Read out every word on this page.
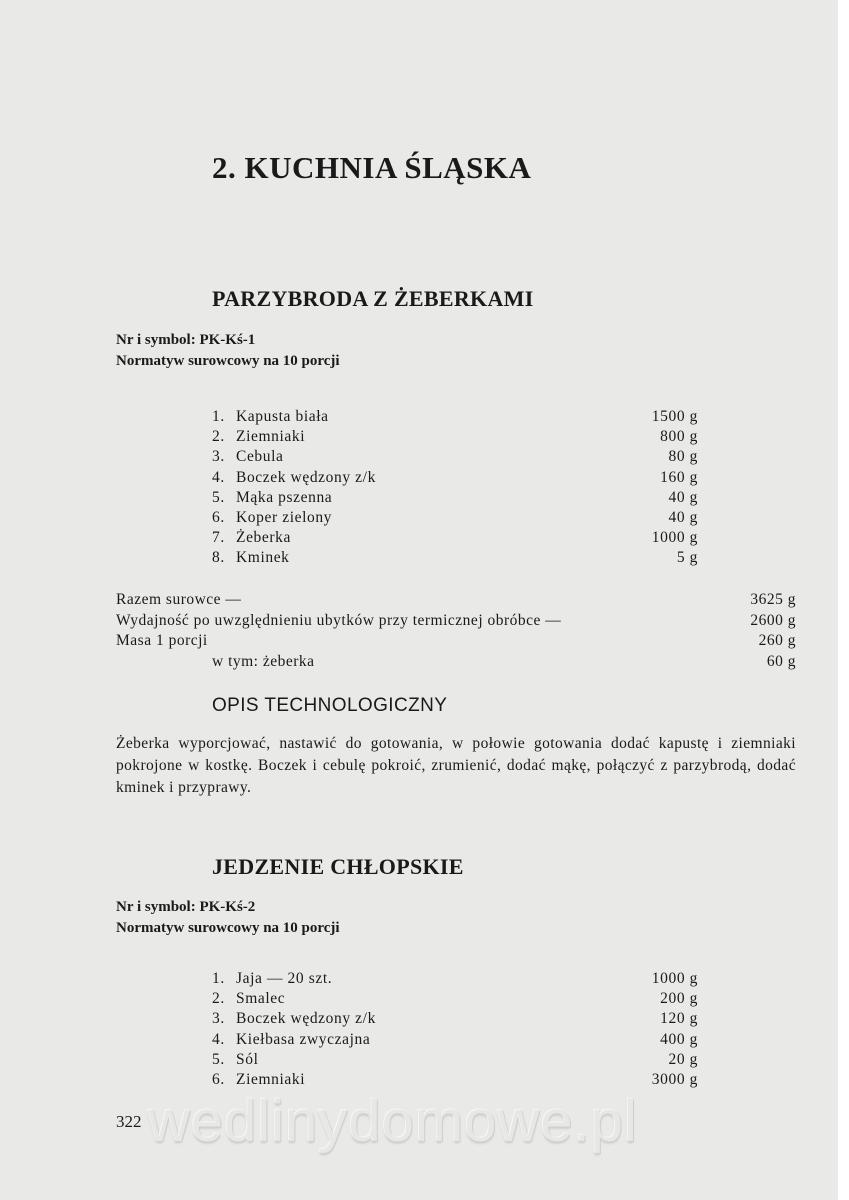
2. KUCHNIA ŚLĄSKA
PARZYBRODA Z ŻEBERKAMI
Nr i symbol: PK-Kś-1
Normatyw surowcowy na 10 porcji
1. Kapusta biała	1500 g
2. Ziemniaki	800 g
3. Cebula	80 g
4. Boczek wędzony z/k	160 g
5. Mąka pszenna	40 g
6. Koper zielony	40 g
7. Żeberka	1000 g
8. Kminek	5 g
Razem surowce —	3625 g
Wydajność po uwzględnieniu ubytków przy termicznej obróbce —	2600 g
Masa 1 porcji	260 g
w tym: żeberka	60 g
OPIS TECHNOLOGICZNY
Żeberka wyporcjować, nastawić do gotowania, w połowie gotowania dodać kapustę i ziemniaki pokrojone w kostkę. Boczek i cebulę pokroić, zrumienić, dodać mąkę, połączyć z parzybrodą, dodać kminek i przyprawy.
JEDZENIE CHŁOPSKIE
Nr i symbol: PK-Kś-2
Normatyw surowcowy na 10 porcji
1. Jaja — 20 szt.	1000 g
2. Smalec	200 g
3. Boczek wędzony z/k	120 g
4. Kiełbasa zwyczajna	400 g
5. Sól	20 g
6. Ziemniaki	3000 g
wedlinydomowe.pl
322
